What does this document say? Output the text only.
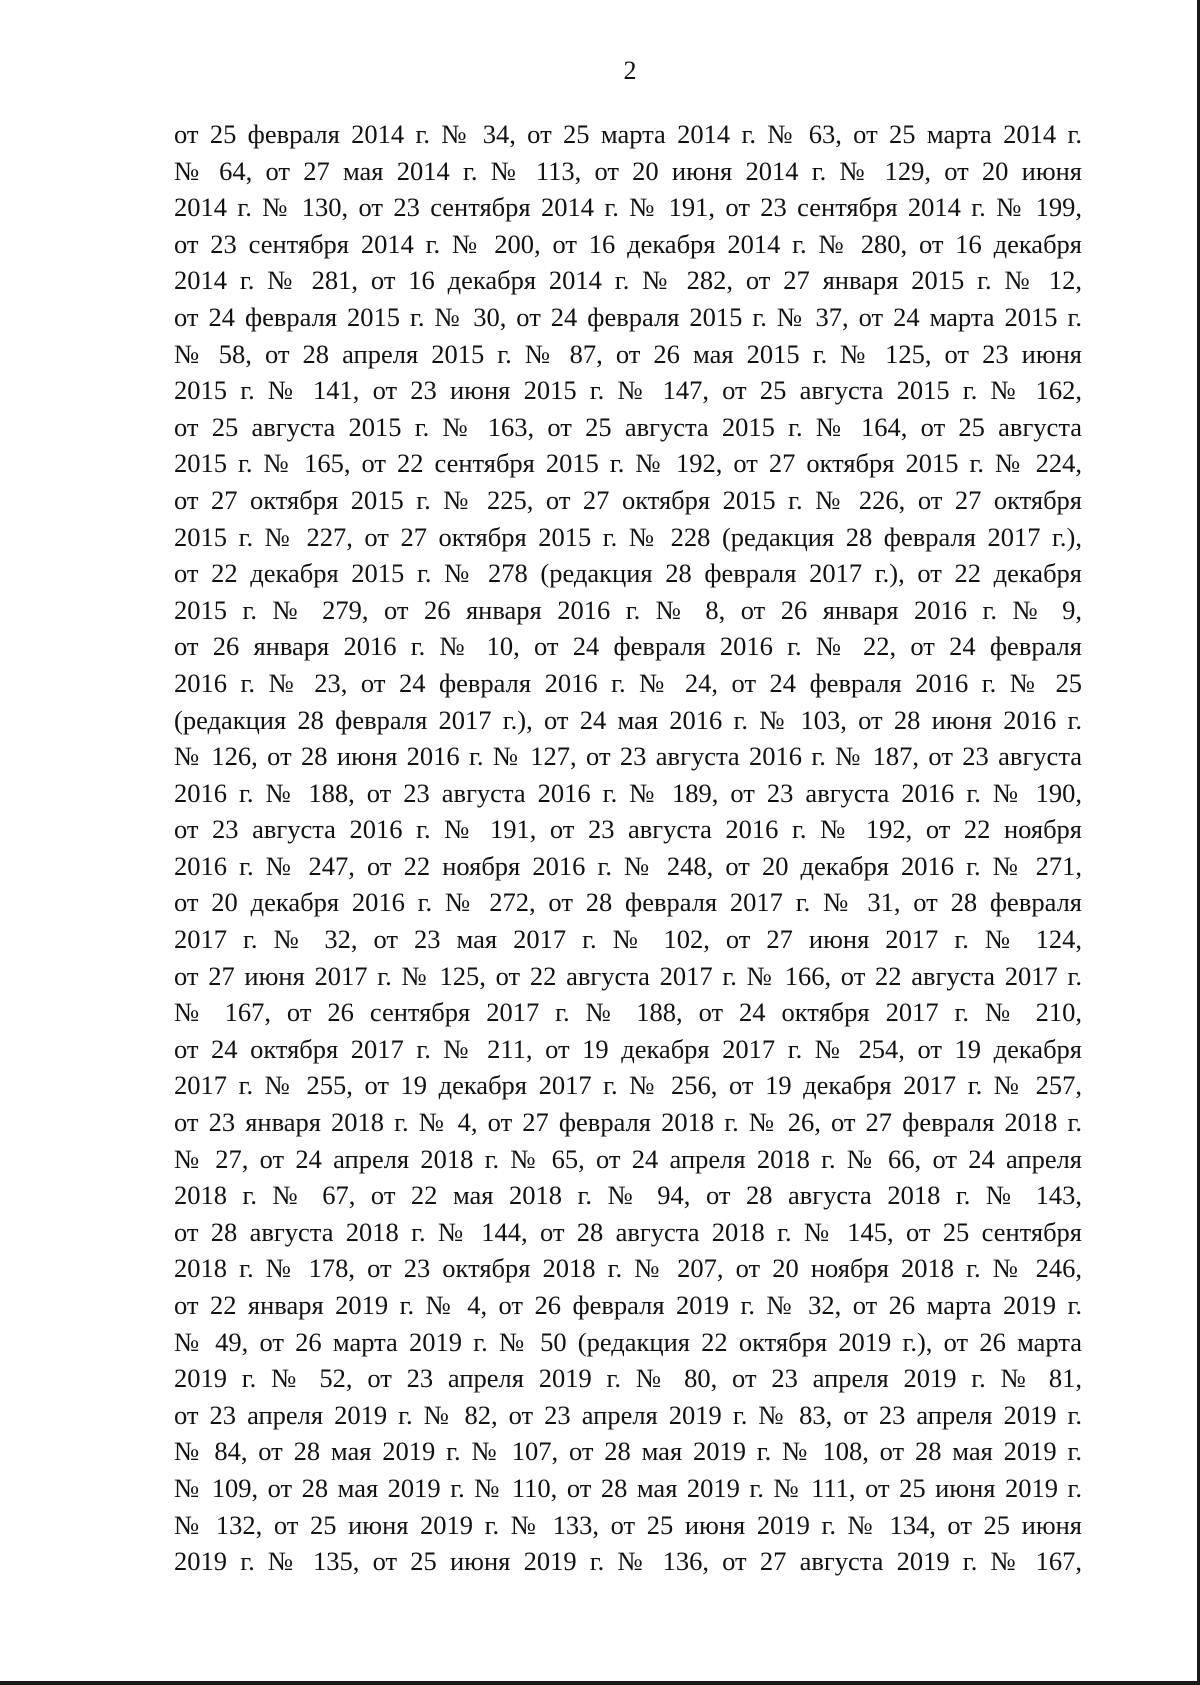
2

от 25 февраля 2014 г. № 34, от 25 марта 2014 г. № 63, от 25 марта 2014 г.
№ 64, от 27 мая 2014 г. № 113, от 20 июня 2014 г. № 129, от 20 июня
2014 г. № 130, от 23 сентября 2014 г. № 191, от 23 сентября 2014 г. № 199,
от 23 сентября 2014 г. № 200, от 16 декабря 2014 г. № 280, от 16 декабря
2014 г. № 281, от 16 декабря 2014 г. № 282, от 27 января 2015 г. № 12,
от 24 февраля 2015 г. № 30, от 24 февраля 2015 г. № 37, от 24 марта 2015 г.
№ 58, от 28 апреля 2015 г. № 87, от 26 мая 2015 г. № 125, от 23 июня
2015 г. № 141, от 23 июня 2015 г. № 147, от 25 августа 2015 г. № 162,
от 25 августа 2015 г. № 163, от 25 августа 2015 г. № 164, от 25 августа
2015 г. № 165, от 22 сентября 2015 г. № 192, от 27 октября 2015 г. № 224,
от 27 октября 2015 г. № 225, от 27 октября 2015 г. № 226, от 27 октября
2015 г. № 227, от 27 октября 2015 г. № 228 (редакция 28 февраля 2017 г.),
от 22 декабря 2015 г. № 278 (редакция 28 февраля 2017 г.), от 22 декабря
2015 г. № 279, от 26 января 2016 г. № 8, от 26 января 2016 г. № 9,
от 26 января 2016 г. № 10, от 24 февраля 2016 г. № 22, от 24 февраля
2016 г. № 23, от 24 февраля 2016 г. № 24, от 24 февраля 2016 г. № 25
(редакция 28 февраля 2017 г.), от 24 мая 2016 г. № 103, от 28 июня 2016 г.
№ 126, от 28 июня 2016 г. № 127, от 23 августа 2016 г. № 187, от 23 августа
2016 г. № 188, от 23 августа 2016 г. № 189, от 23 августа 2016 г. № 190,
от 23 августа 2016 г. № 191, от 23 августа 2016 г. № 192, от 22 ноября
2016 г. № 247, от 22 ноября 2016 г. № 248, от 20 декабря 2016 г. № 271,
от 20 декабря 2016 г. № 272, от 28 февраля 2017 г. № 31, от 28 февраля
2017 г. № 32, от 23 мая 2017 г. № 102, от 27 июня 2017 г. № 124,
от 27 июня 2017 г. № 125, от 22 августа 2017 г. № 166, от 22 августа 2017 г.
№ 167, от 26 сентября 2017 г. № 188, от 24 октября 2017 г. № 210,
от 24 октября 2017 г. № 211, от 19 декабря 2017 г. № 254, от 19 декабря
2017 г. № 255, от 19 декабря 2017 г. № 256, от 19 декабря 2017 г. № 257,
от 23 января 2018 г. № 4, от 27 февраля 2018 г. № 26, от 27 февраля 2018 г.
№ 27, от 24 апреля 2018 г. № 65, от 24 апреля 2018 г. № 66, от 24 апреля
2018 г. № 67, от 22 мая 2018 г. № 94, от 28 августа 2018 г. № 143,
от 28 августа 2018 г. № 144, от 28 августа 2018 г. № 145, от 25 сентября
2018 г. № 178, от 23 октября 2018 г. № 207, от 20 ноября 2018 г. № 246,
от 22 января 2019 г. № 4, от 26 февраля 2019 г. № 32, от 26 марта 2019 г.
№ 49, от 26 марта 2019 г. № 50 (редакция 22 октября 2019 г.), от 26 марта
2019 г. № 52, от 23 апреля 2019 г. № 80, от 23 апреля 2019 г. № 81,
от 23 апреля 2019 г. № 82, от 23 апреля 2019 г. № 83, от 23 апреля 2019 г.
№ 84, от 28 мая 2019 г. № 107, от 28 мая 2019 г. № 108, от 28 мая 2019 г.
№ 109, от 28 мая 2019 г. № 110, от 28 мая 2019 г. № 111, от 25 июня 2019 г.
№ 132, от 25 июня 2019 г. № 133, от 25 июня 2019 г. № 134, от 25 июня
2019 г. № 135, от 25 июня 2019 г. № 136, от 27 августа 2019 г. № 167,
